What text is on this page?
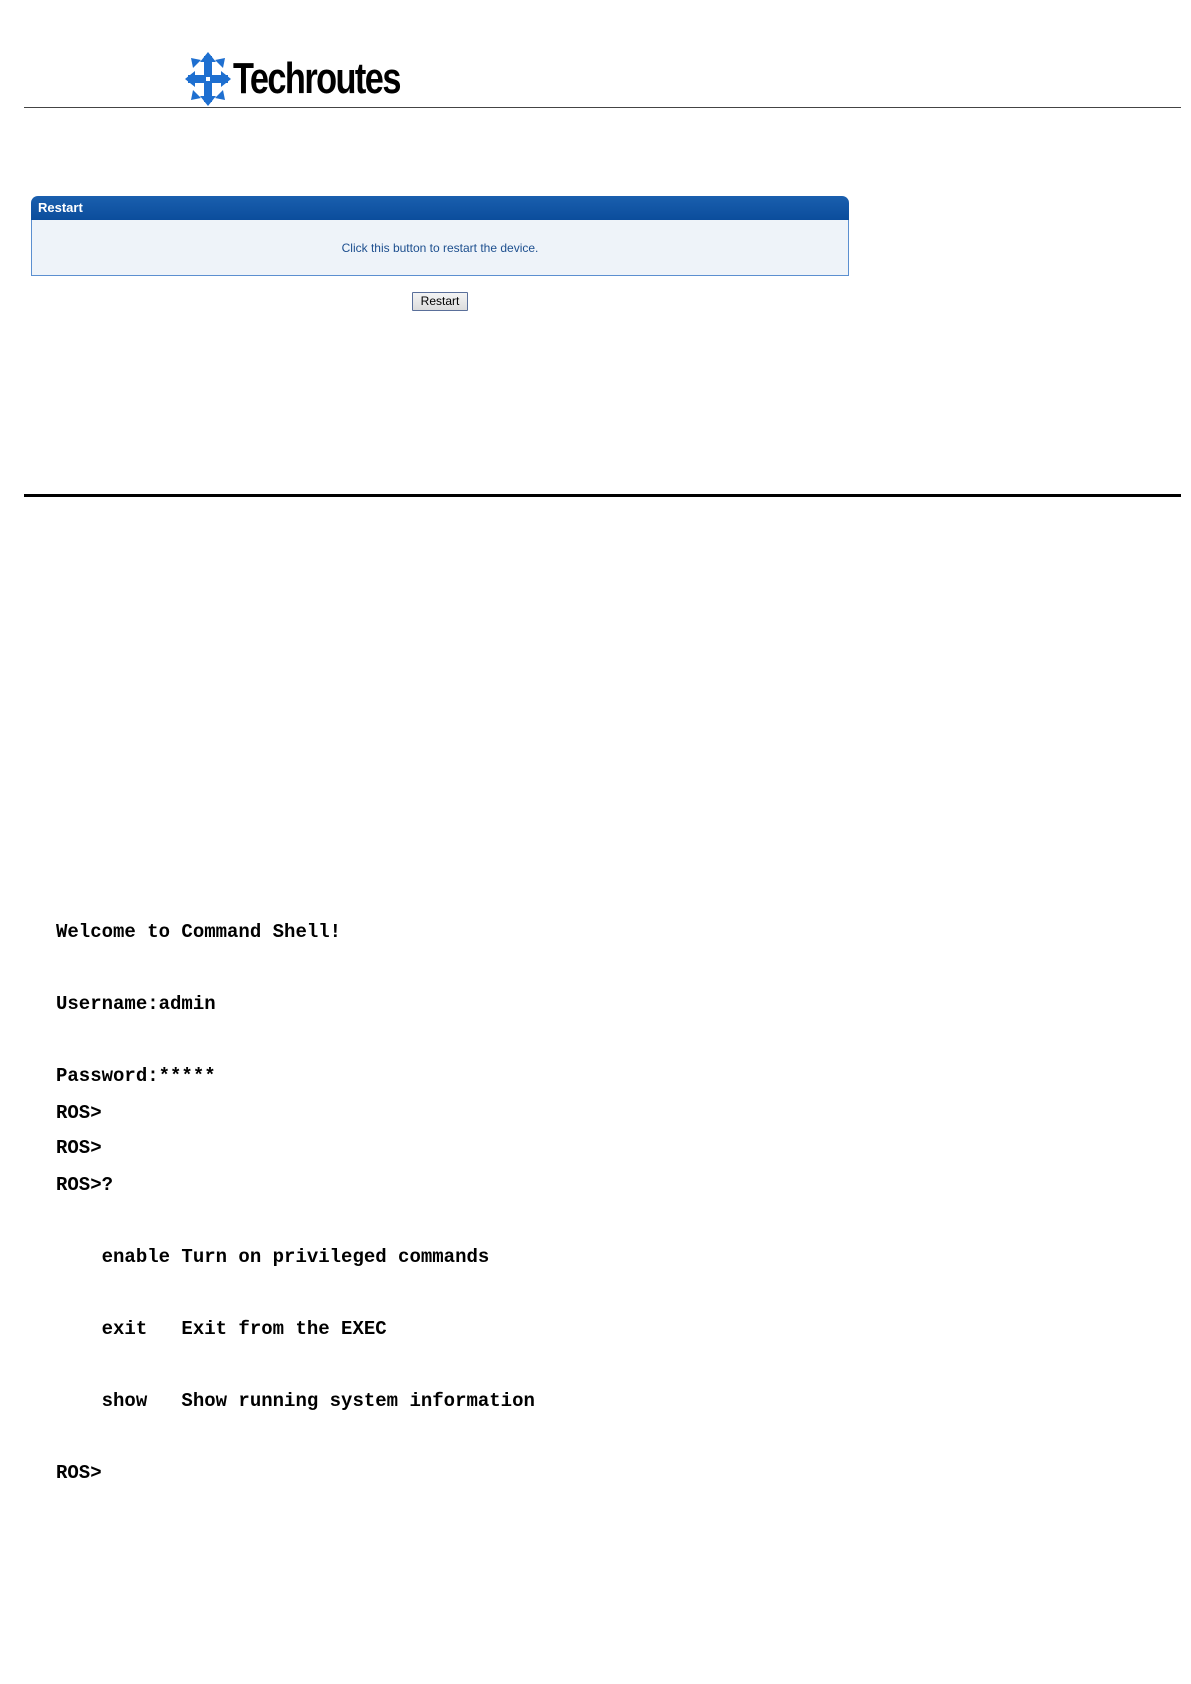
Techroutes
Restart
Click this button to restart the device.
Restart

Welcome to Command Shell!

Username:admin

Password:*****

ROS>

ROS>

ROS>?

enable Turn on privileged commands

exit   Exit from the EXEC

show   Show running system information

ROS>
